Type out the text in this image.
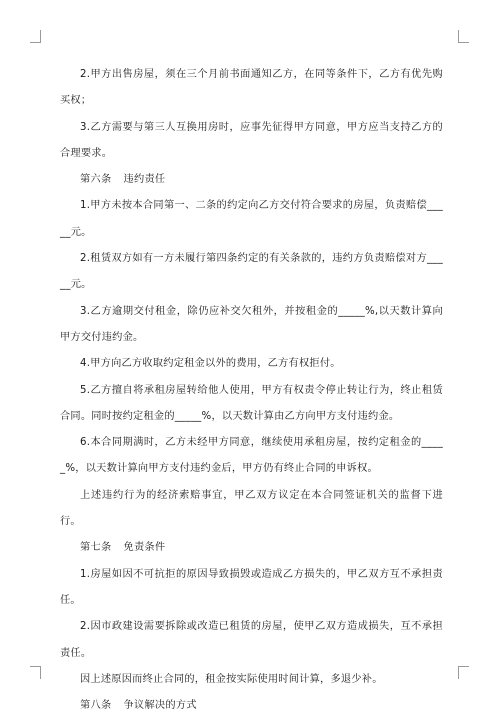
2.甲方出售房屋，须在三个月前书面通知乙方，在同等条件下，乙方有优先购买权；

3.乙方需要与第三人互换用房时，应事先征得甲方同意，甲方应当支持乙方的合理要求。

第六条 违约责任

1.甲方未按本合同第一、二条的约定向乙方交付符合要求的房屋，负责赔偿_____元。

2.租赁双方如有一方未履行第四条约定的有关条款的，违约方负责赔偿对方_____元。

3.乙方逾期交付租金，除仍应补交欠租外，并按租金的_____%,以天数计算向甲方交付违约金。

4.甲方向乙方收取约定租金以外的费用，乙方有权拒付。

5.乙方擅自将承租房屋转给他人使用，甲方有权责令停止转让行为，终止租赁合同。同时按约定租金的_____%，以天数计算由乙方向甲方支付违约金。

6.本合同期满时，乙方未经甲方同意，继续使用承租房屋，按约定租金的_____%，以天数计算向甲方支付违约金后，甲方仍有终止合同的申诉权。

上述违约行为的经济索赔事宜，甲乙双方议定在本合同签证机关的监督下进行。

第七条 免责条件

1.房屋如因不可抗拒的原因导致损毁或造成乙方损失的，甲乙双方互不承担责任。

2.因市政建设需要拆除或改造已租赁的房屋，使甲乙双方造成损失，互不承担责任。

因上述原因而终止合同的，租金按实际使用时间计算，多退少补。

第八条 争议解决的方式
